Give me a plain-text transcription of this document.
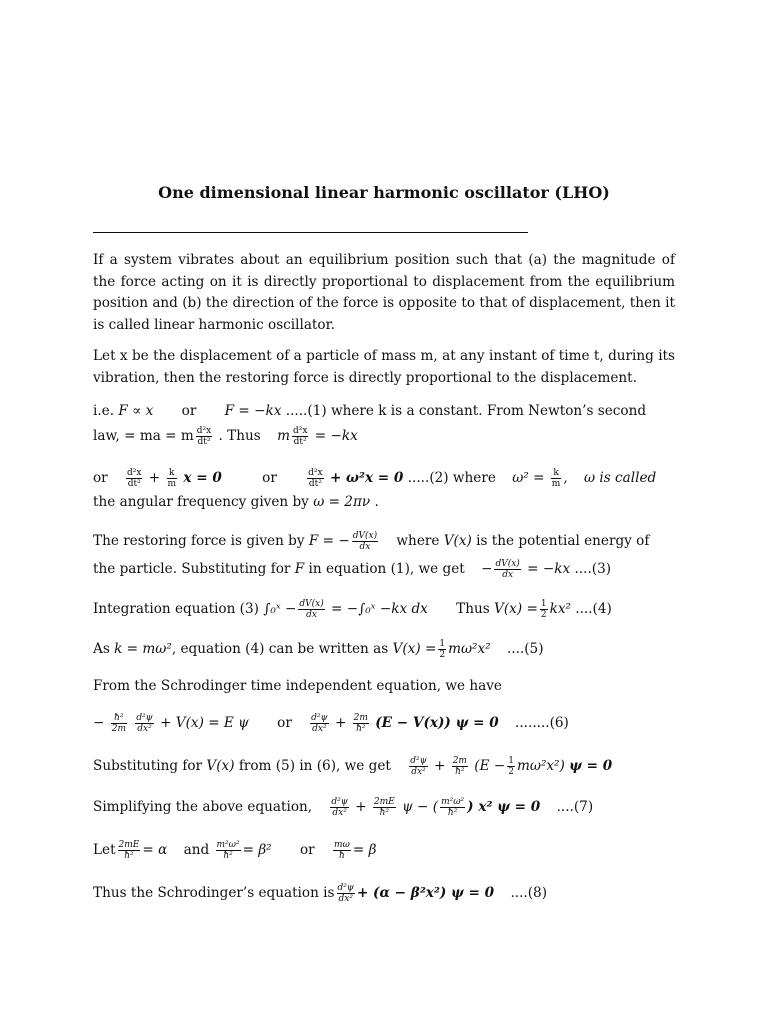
One dimensional linear harmonic oscillator (LHO)
If a system vibrates about an equilibrium position such that (a) the magnitude of the force acting on it is directly proportional to displacement from the equilibrium position and (b) the direction of the force is opposite to that of displacement, then it is called linear harmonic oscillator.
Let x be the displacement of a particle of mass m, at any instant of time t, during its vibration, then the restoring force is directly proportional to the displacement.
i.e. F ∝ x or F = −kx .....(1) where k is a constant. From Newton’s second
law, = ma = m $\frac{\text{d²x}}{\text{dt²}}$ . Thus m $\frac{\text{d²x}}{\text{dt²}} = -kx$
or $\frac{\text{d²x}}{\text{dt²}} + \frac{k}{m}$ x = 0	or	$\frac{\text{d²x}}{\text{dt²}} + \omega^2x = 0$ .....(2) where $\omega^2 = \frac{k}{m}$ , ω is called
the angular frequency given by ω = 2πν .
The restoring force is given by F = − $\frac{dV(x)}{dx}$ where V(x) is the potential energy of
the particle. Substituting for F in equation (1), we get − $\frac{dV(x)}{dx} = -kx$ ....(3)
Integration equation (3) ∫₀ˣ − $\frac{dV(x)}{dx}$ = −∫₀ˣ −kx dx Thus $V(x) = \frac{1}{2} kx^2$ ....(4)
As k = mω², equation (4) can be written as $V(x) = \frac{1}{2} m\omega^2x^2$ ....(5)
From the Schrodinger time independent equation, we have
− $\frac{\text{ħ²}}{2m}$
$\frac{\text{d²ψ}}{\text{dx²}} + V(x) = E$ ψ or $\frac{\text{d²ψ}}{\text{dx²}} + \frac{2m}{\text{ħ²}} (E - V(x)) \psi = 0$ ........(6)
Substituting for V(x) from (5) in (6), we get $\frac{\text{d²ψ}}{\text{dx²}} + \frac{2m}{\text{ħ²}} (E - \frac{1}{2} m\omega^2x^2) \psi = 0$
Simplifying the above equation, $\frac{\text{d²ψ}}{\text{dx²}} + \frac{2mE}{\text{ħ²}}$ ψ − ( $\frac{\text{m²ω²}}{\text{ħ²}}$ ) x² ψ = 0 ....(7)
Let $\frac{2mE}{\text{ħ²}} = \alpha$ and $\frac{\text{m²ω²}}{\text{ħ²}} = \beta^2$ or $\frac{m\omega}{ħ} = \beta$
Thus the Schrodinger’s equation is $\frac{\text{d²ψ}}{\text{dx²}} + (\alpha - \beta^2x^2) \psi = 0$ ....(8)
